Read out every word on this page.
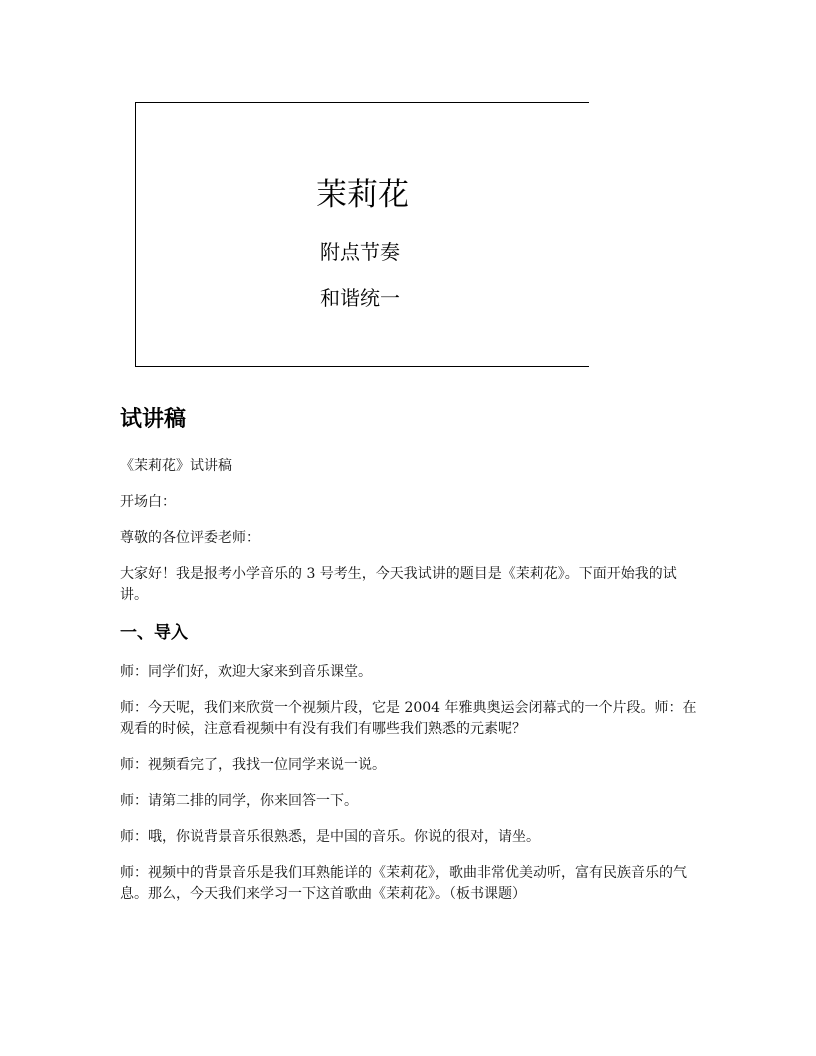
茉莉花
附点节奏
和谐统一
试讲稿
《茉莉花》试讲稿
开场白：
尊敬的各位评委老师：
大家好！我是报考小学音乐的 3 号考生，今天我试讲的题目是《茉莉花》。下面开始我的试讲。
一、导入
师：同学们好，欢迎大家来到音乐课堂。
师：今天呢，我们来欣赏一个视频片段，它是 2004 年雅典奥运会闭幕式的一个片段。师：在观看的时候，注意看视频中有没有我们有哪些我们熟悉的元素呢？
师：视频看完了，我找一位同学来说一说。
师：请第二排的同学，你来回答一下。
师：哦，你说背景音乐很熟悉，是中国的音乐。你说的很对，请坐。
师：视频中的背景音乐是我们耳熟能详的《茉莉花》，歌曲非常优美动听，富有民族音乐的气息。那么，今天我们来学习一下这首歌曲《茉莉花》。（板书课题）
